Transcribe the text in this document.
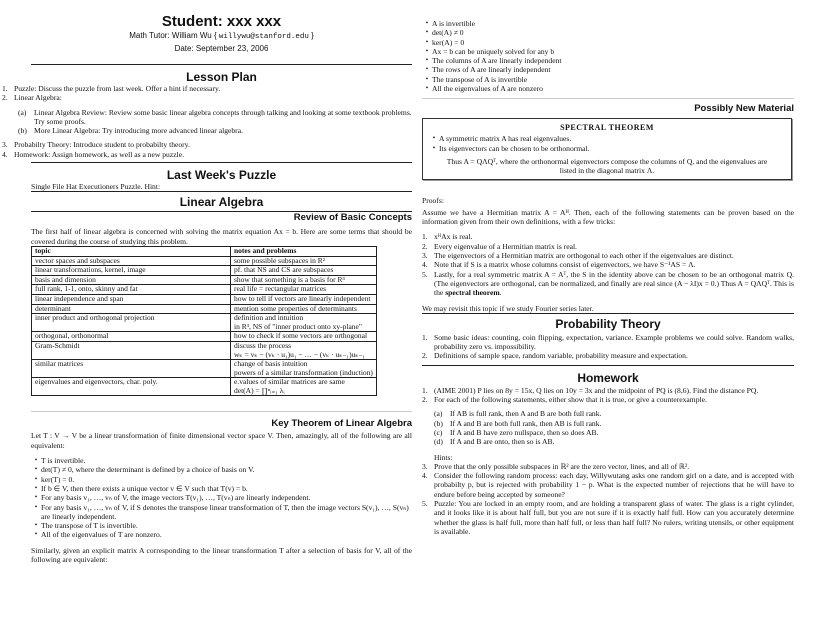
Student: xxx xxx
Math Tutor: William Wu { willywu@stanford.edu }
Date: September 23, 2006
Lesson Plan
1. Puzzle: Discuss the puzzle from last week. Offer a hint if necessary.
2. Linear Algebra:
(a) Linear Algebra Review: Review some basic linear algebra concepts through talking and looking at some textbook problems. Try some proofs.
(b) More Linear Algebra: Try introducing more advanced linear algebra.
3. Probabilty Theory: Introduce student to probabilty theory.
4. Homework: Assign homework, as well as a new puzzle.
Last Week's Puzzle
Single File Hat Executioners Puzzle. Hint:
Linear Algebra
Review of Basic Concepts
The first half of linear algebra is concerned with solving the matrix equation Ax = b. Here are some terms that should be covered during the course of studying this problem.
topic	notes and problems
vector spaces and subspaces	some possible subspaces in R²

linear transformations, kernel, image	pf. that NS and CS are subspaces

basis and dimension	show that something is a basis for R³

full rank, 1-1, onto, skinny and fat	real life = rectangular matrices

linear independence and span	how to tell if vectors are linearly independent

determinant	mention some properties of determinants

inner product and orthogonal projection	definition and intuition
in R³, NS of "inner product onto xy-plane"

orthogonal, orthonormal	how to check if some vectors are orthogonal

Gram-Schmidt	discuss the process
wₖ = vₖ − (vₖ · u₁)u₁ − … − (vₖ · uₖ₋₁)uₖ₋₁

similar matrices	change of basis intuition
powers of a similar transformation (induction)

eigenvalues and eigenvectors, char. poly.	e.values of similar matrices are same
det(A) = ∏ⁿᵢ₌₁ λᵢ
Key Theorem of Linear Algebra
Let T : V → V be a linear transformation of finite dimensional vector space V. Then, amazingly, all of the following are all equivalent:
• T is invertible.
• det(T) ≠ 0, where the determinant is defined by a choice of basis on V.
• ker(T) = 0.
• If b ∈ V, then there exists a unique vector v ∈ V such that T(v) = b.
• For any basis v₁, …, vₙ of V, the image vectors T(v₁), …, T(vₙ) are linearly independent.
• For any basis v₁, …, vₙ of V, if S denotes the transpose linear transformation of T, then the image vectors S(v₁), …, S(vₙ) are linearly independent.
• The transpose of T is invertible.
• All of the eigenvalues of T are nonzero.
Similarly, given an explicit matrix A corresponding to the linear transformation T after a selection of basis for V, all of the following are equivalent:
• A is invertible
• det(A) ≠ 0
• ker(A) = 0
• Ax = b can be uniquely solved for any b
• The columns of A are linearly independent
• The rows of A are linearly independent
• The transpose of A is invertible
• All the eigenvalues of A are nonzero
Possibly New Material
SPECTRAL THEOREM
• A symmetric matrix A has real eigenvalues.
• Its eigenvectors can be chosen to be orthonormal.
Thus A = QΛQᵀ, where the orthonormal eigenvectors compose the columns of Q, and the eigenvalues are listed in the diagonal matrix Λ.
Proofs:
Assume we have a Hermitian matrix A = Aᴴ. Then, each of the following statements can be proven based on the information given from their own definitions, with a few tricks:
1. xᴴAx is real.
2. Every eigenvalue of a Hermitian matrix is real.
3. The eigenvectors of a Hermitian matrix are orthogonal to each other if the eigenvalues are distinct.
4. Note that if S is a matrix whose columns consist of eigenvectors, we have S⁻¹AS = Λ.
5. Lastly, for a real symmetric matrix A = Aᵀ, the S in the identity above can be chosen to be an orthogonal matrix Q. (The eigenvectors are orthogonal, can be normalized, and finally are real since (A − λI)x = 0.) Thus A = QΛQᵀ. This is the spectral theorem.
We may revisit this topic if we study Fourier series later.
Probability Theory
1. Some basic ideas: counting, coin flipping, expectation, variance. Example problems we could solve. Random walks, probability zero vs. impossibility.
2. Definitions of sample space, random variable, probability measure and expectation.
Homework
1. (AIME 2001) P lies on 8y = 15x, Q lies on 10y = 3x and the midpoint of PQ is (8,6). Find the distance PQ.
2. For each of the following statements, either show that it is true, or give a counterexample.
(a) If AB is full rank, then A and B are both full rank.
(b) If A and B are both full rank, then AB is full rank.
(c) If A and B have zero nullspace, then so does AB.
(d) If A and B are onto, then so is AB.
Hints:
3. Prove that the only possible subspaces in ℝ² are the zero vector, lines, and all of ℝ².
4. Consider the following random process: each day, Willywutang asks one random girl on a date, and is accepted with probabilty p, but is rejected with probability 1 − p. What is the expected number of rejections that he will have to endure before being accepted by someone?
5. Puzzle: You are locked in an empty room, and are holding a transparent glass of water. The glass is a right cylinder, and it looks like it is about half full, but you are not sure if it is exactly half full. How can you accurately determine whether the glass is half full, more than half full, or less than half full? No rulers, writing utensils, or other equipment is available.
